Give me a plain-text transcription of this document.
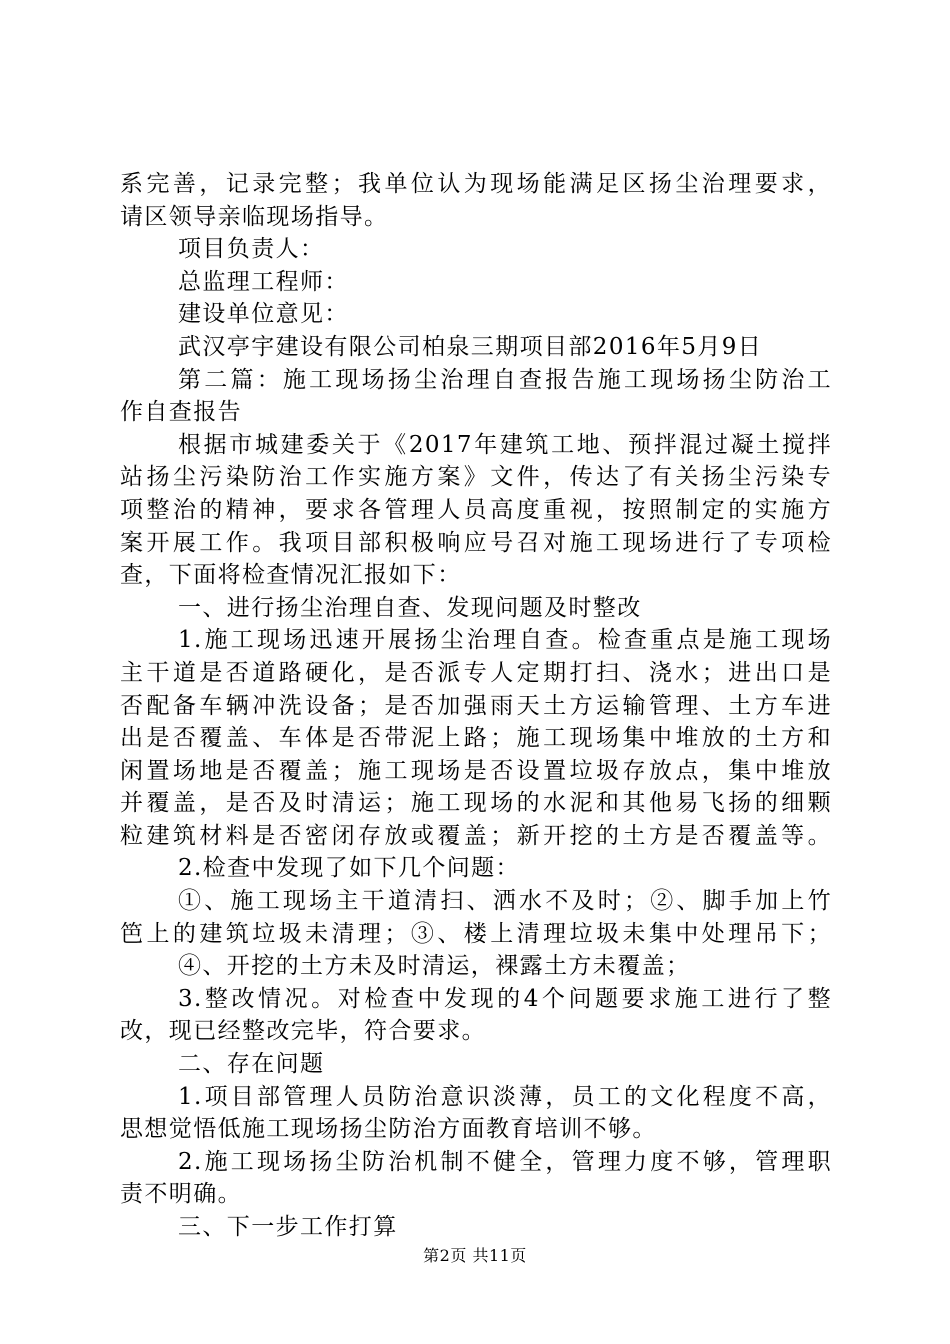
系完善，记录完整；我单位认为现场能满足区扬尘治理要求，
请区领导亲临现场指导。
项目负责人：
总监理工程师：
建设单位意见：
武汉亭宇建设有限公司柏泉三期项目部2016年5月9日
第二篇：施工现场扬尘治理自查报告施工现场扬尘防治工
作自查报告
根据市城建委关于《2017年建筑工地、预拌混过凝土搅拌
站扬尘污染防治工作实施方案》文件，传达了有关扬尘污染专
项整治的精神，要求各管理人员高度重视，按照制定的实施方
案开展工作。我项目部积极响应号召对施工现场进行了专项检
查，下面将检查情况汇报如下：
一、进行扬尘治理自查、发现问题及时整改
1.施工现场迅速开展扬尘治理自查。检查重点是施工现场
主干道是否道路硬化，是否派专人定期打扫、浇水；进出口是
否配备车辆冲洗设备；是否加强雨天土方运输管理、土方车进
出是否覆盖、车体是否带泥上路；施工现场集中堆放的土方和
闲置场地是否覆盖；施工现场是否设置垃圾存放点，集中堆放
并覆盖，是否及时清运；施工现场的水泥和其他易飞扬的细颗
粒建筑材料是否密闭存放或覆盖；新开挖的土方是否覆盖等。
2.检查中发现了如下几个问题：
①、施工现场主干道清扫、洒水不及时；②、脚手加上竹
笆上的建筑垃圾未清理；③、楼上清理垃圾未集中处理吊下；
④、开挖的土方未及时清运，裸露土方未覆盖；
3.整改情况。对检查中发现的4个问题要求施工进行了整
改，现已经整改完毕，符合要求。
二、存在问题
1.项目部管理人员防治意识淡薄，员工的文化程度不高，
思想觉悟低施工现场扬尘防治方面教育培训不够。
2.施工现场扬尘防治机制不健全，管理力度不够，管理职
责不明确。
三、下一步工作打算
第2页 共11页
